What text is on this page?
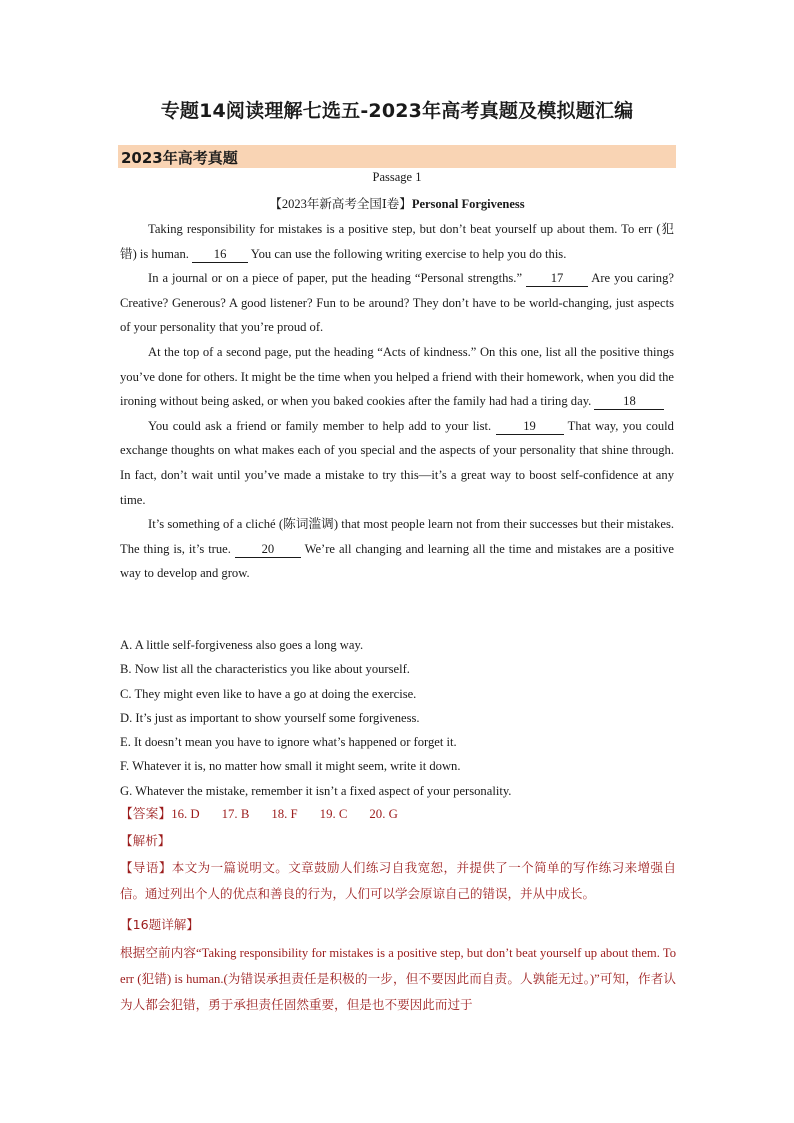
专题14阅读理解七选五-2023年高考真题及模拟题汇编
2023年高考真题
Passage 1
【2023年新高考全国Ⅰ卷】Personal Forgiveness

Taking responsibility for mistakes is a positive step, but don’t beat yourself up about them. To err (犯错) is human. 16 You can use the following writing exercise to help you do this.

In a journal or on a piece of paper, put the heading “Personal strengths.” 17 Are you caring? Creative? Generous? A good listener? Fun to be around? They don’t have to be world-changing, just aspects of your personality that you’re proud of.

At the top of a second page, put the heading “Acts of kindness.” On this one, list all the positive things you’ve done for others. It might be the time when you helped a friend with their homework, when you did the ironing without being asked, or when you baked cookies after the family had had a tiring day. 18

You could ask a friend or family member to help add to your list. 19 That way, you could exchange thoughts on what makes each of you special and the aspects of your personality that shine through. In fact, don’t wait until you’ve made a mistake to try this—it’s a great way to boost self-confidence at any time.

It’s something of a cliché (陈词滥调) that most people learn not from their successes but their mistakes. The thing is, it’s true. 20 We’re all changing and learning all the time and mistakes are a positive way to develop and grow.

A. A little self-forgiveness also goes a long way.
B. Now list all the characteristics you like about yourself.
C. They might even like to have a go at doing the exercise.
D. It’s just as important to show yourself some forgiveness.
E. It doesn’t mean you have to ignore what’s happened or forget it.
F. Whatever it is, no matter how small it might seem, write it down.
G. Whatever the mistake, remember it isn’t a fixed aspect of your personality.
【答案】16. D 17. B 18. F 19. C 20. G
【解析】
【导语】本文为一篇说明文。文章鼓励人们练习自我宽恕，并提供了一个简单的写作练习来增强自信。通过列出个人的优点和善良的行为，人们可以学会原谅自己的错误，并从中成长。
【16题详解】
根据空前内容“Taking responsibility for mistakes is a positive step, but don’t beat yourself up about them. To err (犯错) is human.(为错误承担责任是积极的一步，但不要因此而自责。人孰能无过。)”可知，作者认为人都会犯错，勇于承担责任固然重要，但是也不要因此而过于
